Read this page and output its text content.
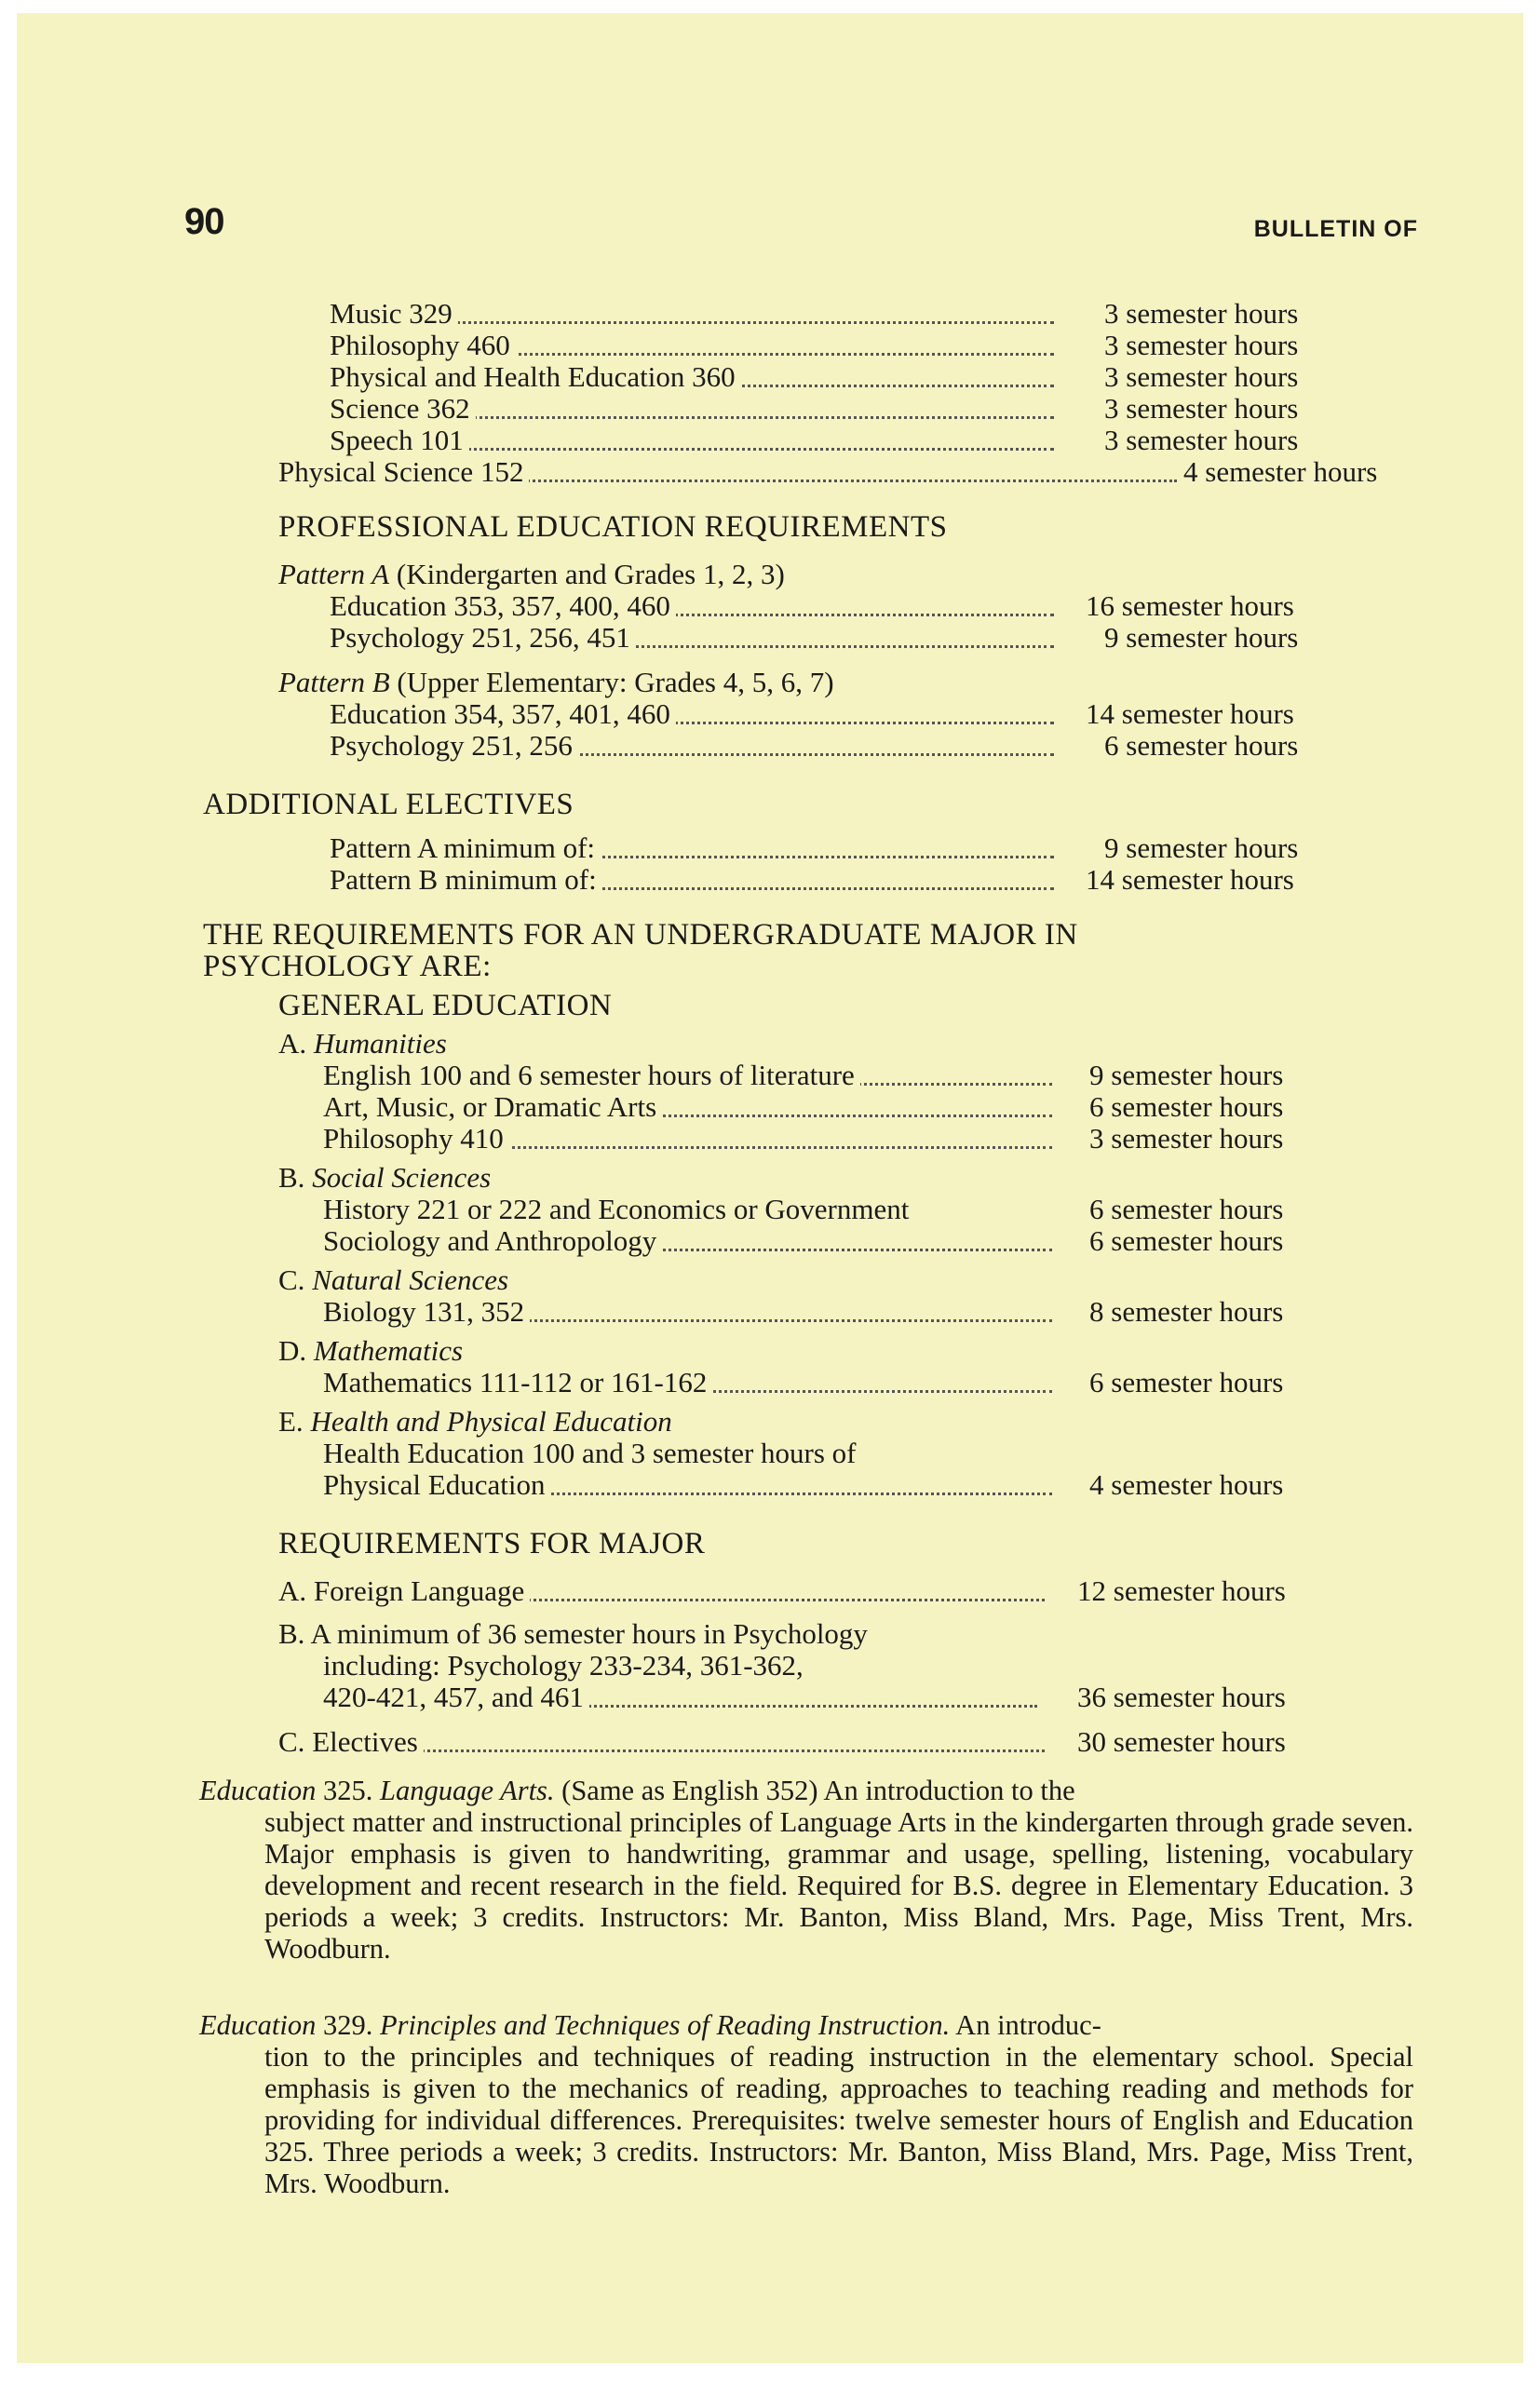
90	BULLETIN OF
Music 329	3 semester hours
Philosophy 460	3 semester hours
Physical and Health Education 360	3 semester hours
Science 362	3 semester hours
Speech 101	3 semester hours
Physical Science 152	4 semester hours
PROFESSIONAL EDUCATION REQUIREMENTS
Pattern A (Kindergarten and Grades 1, 2, 3)
Education 353, 357, 400, 460	16 semester hours
Psychology 251, 256, 451	9 semester hours
Pattern B (Upper Elementary: Grades 4, 5, 6, 7)
Education 354, 357, 401, 460	14 semester hours
Psychology 251, 256	6 semester hours
ADDITIONAL ELECTIVES
Pattern A minimum of:	9 semester hours
Pattern B minimum of:	14 semester hours
THE REQUIREMENTS FOR AN UNDERGRADUATE MAJOR IN
PSYCHOLOGY ARE:
GENERAL EDUCATION
A. Humanities
English 100 and 6 semester hours of literature	9 semester hours
Art, Music, or Dramatic Arts	6 semester hours
Philosophy 410	3 semester hours
B. Social Sciences
History 221 or 222 and Economics or Government	6 semester hours
Sociology and Anthropology	6 semester hours
C. Natural Sciences
Biology 131, 352	8 semester hours
D. Mathematics
Mathematics 111-112 or 161-162	6 semester hours
E. Health and Physical Education
Health Education 100 and 3 semester hours of
Physical Education	4 semester hours
REQUIREMENTS FOR MAJOR
A. Foreign Language	12 semester hours
B. A minimum of 36 semester hours in Psychology
including: Psychology 233-234, 361-362,
420-421, 457, and 461	36 semester hours
C. Electives	30 semester hours

Education 325. Language Arts. (Same as English 352) An introduction to the

subject matter and instructional principles of Language Arts in the kindergarten through grade seven. Major emphasis is given to handwriting, grammar and usage, spelling, listening, vocabulary development and recent research in the field. Required for B.S. degree in Elementary Education. 3 periods a week; 3 credits. Instructors: Mr. Banton, Miss Bland, Mrs. Page, Miss Trent, Mrs. Woodburn.

Education 329. Principles and Techniques of Reading Instruction. An introduc-

tion to the principles and techniques of reading instruction in the elementary school. Special emphasis is given to the mechanics of reading, approaches to teaching reading and methods for providing for individual differences. Prerequisites: twelve semester hours of English and Education 325. Three periods a week; 3 credits. Instructors: Mr. Banton, Miss Bland, Mrs. Page, Miss Trent, Mrs. Woodburn.
